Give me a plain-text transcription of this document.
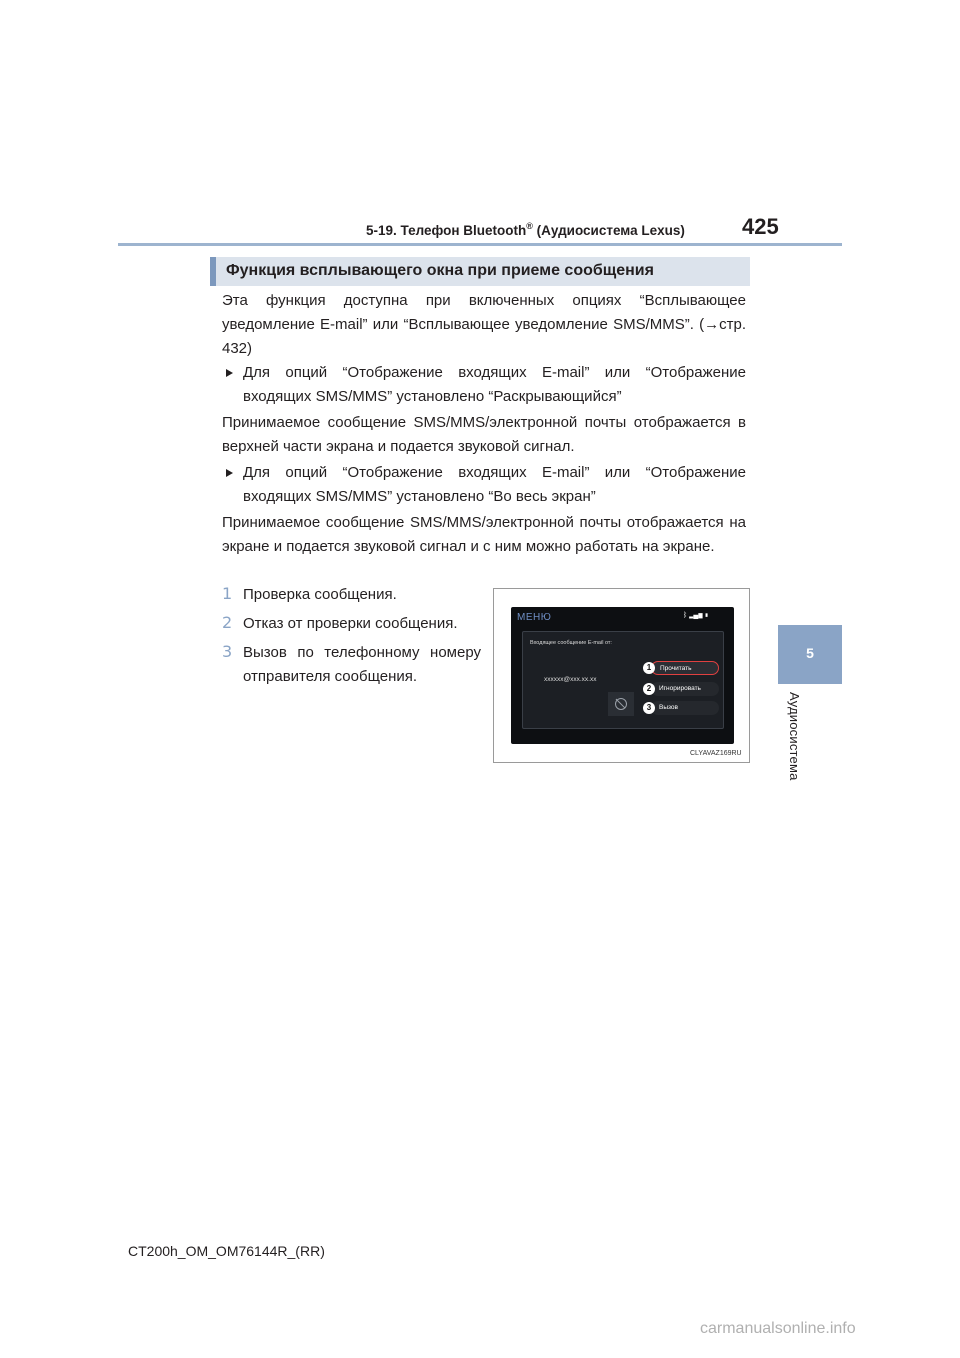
5-19. Телефон Bluetooth® (Аудиосистема Lexus)	425
5
Аудиосистема
Функция всплывающего окна при приеме сообщения
Эта функция доступна при включенных опциях “Всплывающее уведомление E-mail” или “Всплывающее уведомление SMS/MMS”. (→стр. 432)
Для опций “Отображение входящих E-mail” или “Отображение входящих SMS/MMS” установлено “Раскрывающийся”
Принимаемое сообщение SMS/MMS/электронной почты отображается в верхней части экрана и подается звуковой сигнал.
Для опций “Отображение входящих E-mail” или “Отображение входящих SMS/MMS” установлено “Во весь экран”
Принимаемое сообщение SMS/MMS/электронной почты отображается на экране и подается звуковой сигнал и с ним можно работать на экране.
1 Проверка сообщения.
2 Отказ от проверки сообщения.
3 Вызов по телефонному номеру отправителя сообщения.
МЕНЮ	ᛒ ▂▄▆ ▮
Входящее сообщение E-mail от:
xxxxxx@xxx.xx.xx
Прочитать
Игнорировать
Вызов
1
2
3
CLYAVAZ169RU
CT200h_OM_OM76144R_(RR)
carmanualsonline.info
